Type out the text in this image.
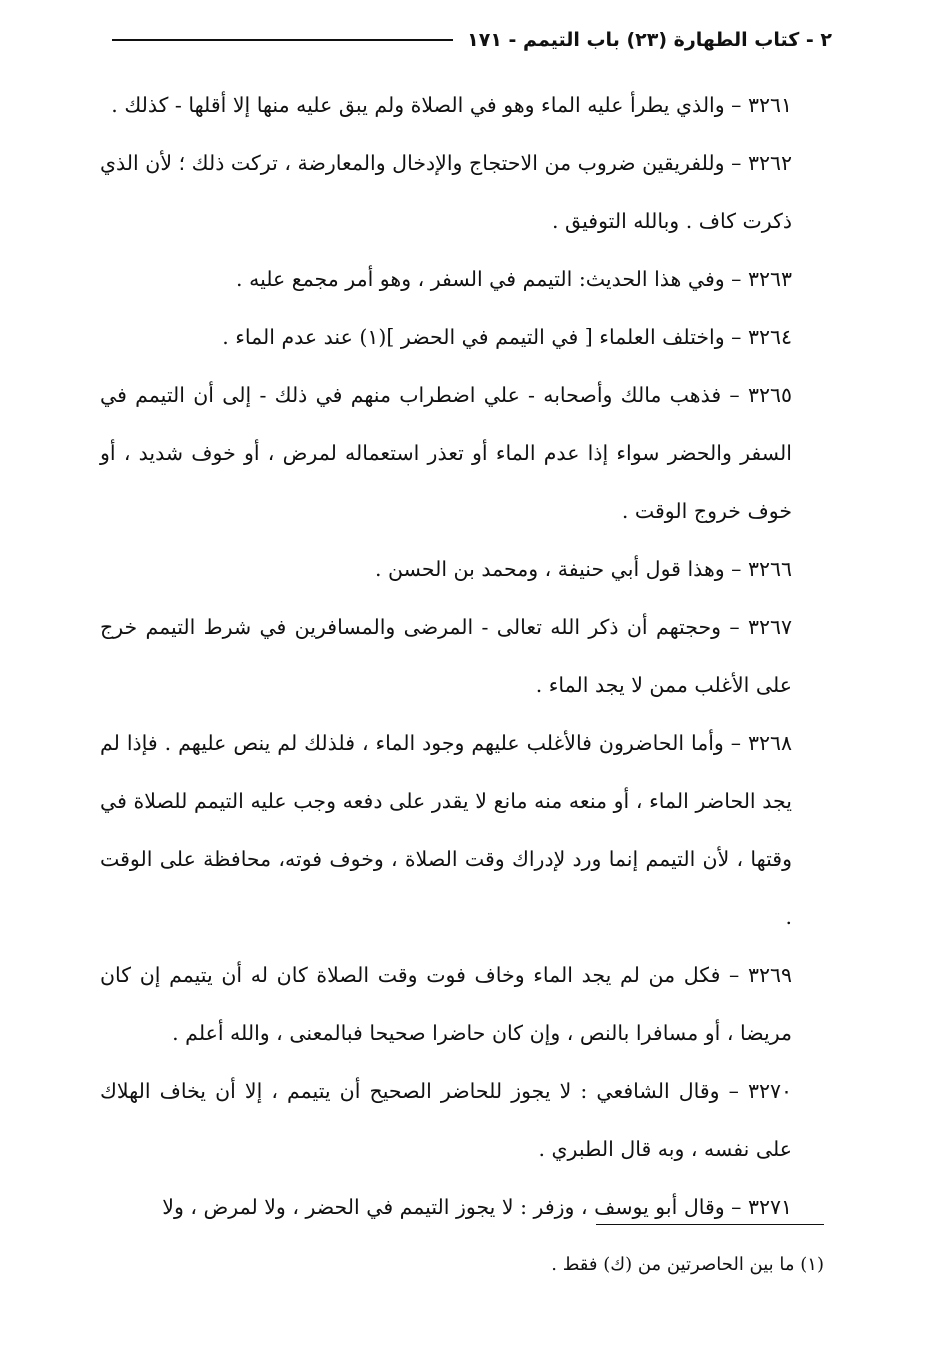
٢ - كتاب الطهارة (٢٣) باب التيمم - ١٧١

٣٢٦١ – والذي يطرأ عليه الماء وهو في الصلاة ولم يبق عليه منها إلا أقلها - كذلك .

٣٢٦٢ – وللفريقين ضروب من الاحتجاج والإدخال والمعارضة ، تركت ذلك ؛ لأن الذي ذكرت كاف . وبالله التوفيق .

٣٢٦٣ – وفي هذا الحديث: التيمم في السفر ، وهو أمر مجمع عليه .

٣٢٦٤ – واختلف العلماء [ في التيمم في الحضر ](١) عند عدم الماء .

٣٢٦٥ – فذهب مالك وأصحابه - علي اضطراب منهم في ذلك - إلى أن التيمم في السفر والحضر سواء إذا عدم الماء أو تعذر استعماله لمرض ، أو خوف شديد ، أو خوف خروج الوقت .

٣٢٦٦ – وهذا قول أبي حنيفة ، ومحمد بن الحسن .

٣٢٦٧ – وحجتهم أن ذكر الله تعالى - المرضى والمسافرين في شرط التيمم خرج على الأغلب ممن لا يجد الماء .

٣٢٦٨ – وأما الحاضرون فالأغلب عليهم وجود الماء ، فلذلك لم ينص عليهم . فإذا لم يجد الحاضر الماء ، أو منعه منه مانع لا يقدر على دفعه وجب عليه التيمم للصلاة في وقتها ، لأن التيمم إنما ورد لإدراك وقت الصلاة ، وخوف فوته، محافظة على الوقت .

٣٢٦٩ – فكل من لم يجد الماء وخاف فوت وقت الصلاة كان له أن يتيمم إن كان مريضا ، أو مسافرا بالنص ، وإن كان حاضرا صحيحا فبالمعنى ، والله أعلم .

٣٢٧٠ – وقال الشافعي : لا يجوز للحاضر الصحيح أن يتيمم ، إلا أن يخاف الهلاك على نفسه ، وبه قال الطبري .

٣٢٧١ – وقال أبو يوسف ، وزفر : لا يجوز التيمم في الحضر ، ولا لمرض ، ولا

(١) ما بين الحاصرتين من (ك) فقط .
